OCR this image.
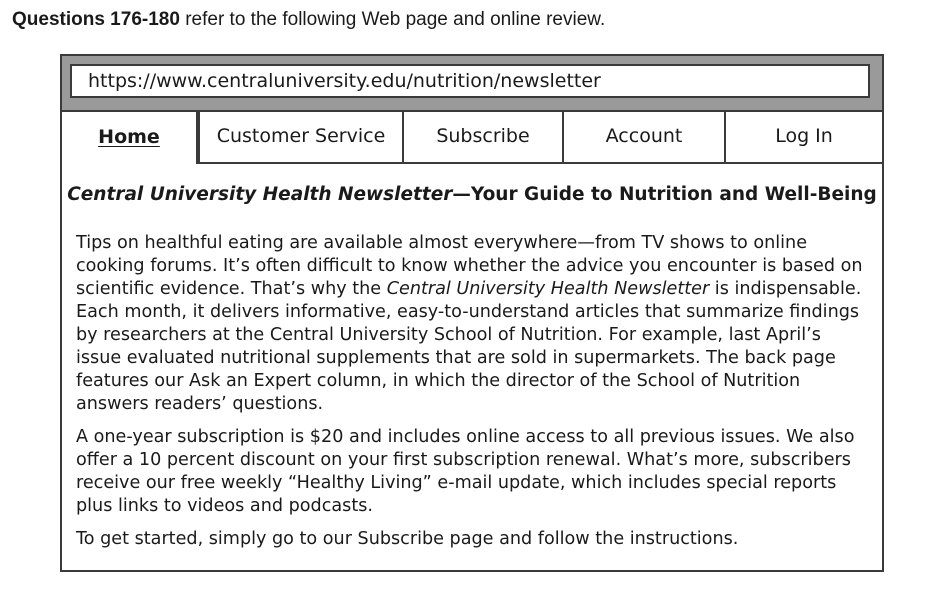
Questions 176-180 refer to the following Web page and online review.
https://www.centraluniversity.edu/nutrition/newsletter
Home	Customer Service	Subscribe	Account	Log In
Central University Health Newsletter—Your Guide to Nutrition and Well-Being

Tips on healthful eating are available almost everywhere—from TV shows to online cooking forums. It’s often difficult to know whether the advice you encounter is based on scientific evidence. That’s why the Central University Health Newsletter is indispensable. Each month, it delivers informative, easy-to-understand articles that summarize findings by researchers at the Central University School of Nutrition. For example, last April’s issue evaluated nutritional supplements that are sold in supermarkets. The back page features our Ask an Expert column, in which the director of the School of Nutrition answers readers’ questions.

A one-year subscription is $20 and includes online access to all previous issues. We also offer a 10 percent discount on your first subscription renewal. What’s more, subscribers receive our free weekly “Healthy Living” e-mail update, which includes special reports plus links to videos and podcasts.

To get started, simply go to our Subscribe page and follow the instructions.
